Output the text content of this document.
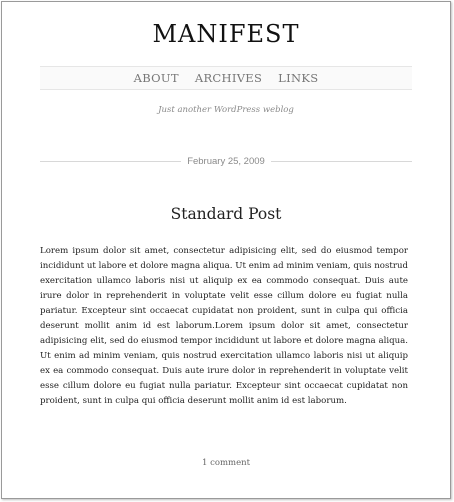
MANIFEST
ABOUT ARCHIVES LINKS
Just another WordPress weblog
February 25, 2009
Standard Post

Lorem ipsum dolor sit amet, consectetur adipisicing elit, sed do eiusmod tempor incididunt ut labore et dolore magna aliqua. Ut enim ad minim veniam, quis nostrud exercitation ullamco laboris nisi ut aliquip ex ea commodo consequat. Duis aute irure dolor in reprehenderit in voluptate velit esse cillum dolore eu fugiat nulla pariatur. Excepteur sint occaecat cupidatat non proident, sunt in culpa qui officia deserunt mollit anim id est laborum.Lorem ipsum dolor sit amet, consectetur adipisicing elit, sed do eiusmod tempor incididunt ut labore et dolore magna aliqua. Ut enim ad minim veniam, quis nostrud exercitation ullamco laboris nisi ut aliquip ex ea commodo consequat. Duis aute irure dolor in reprehenderit in voluptate velit esse cillum dolore eu fugiat nulla pariatur. Excepteur sint occaecat cupidatat non proident, sunt in culpa qui officia deserunt mollit anim id est laborum.

1 comment
